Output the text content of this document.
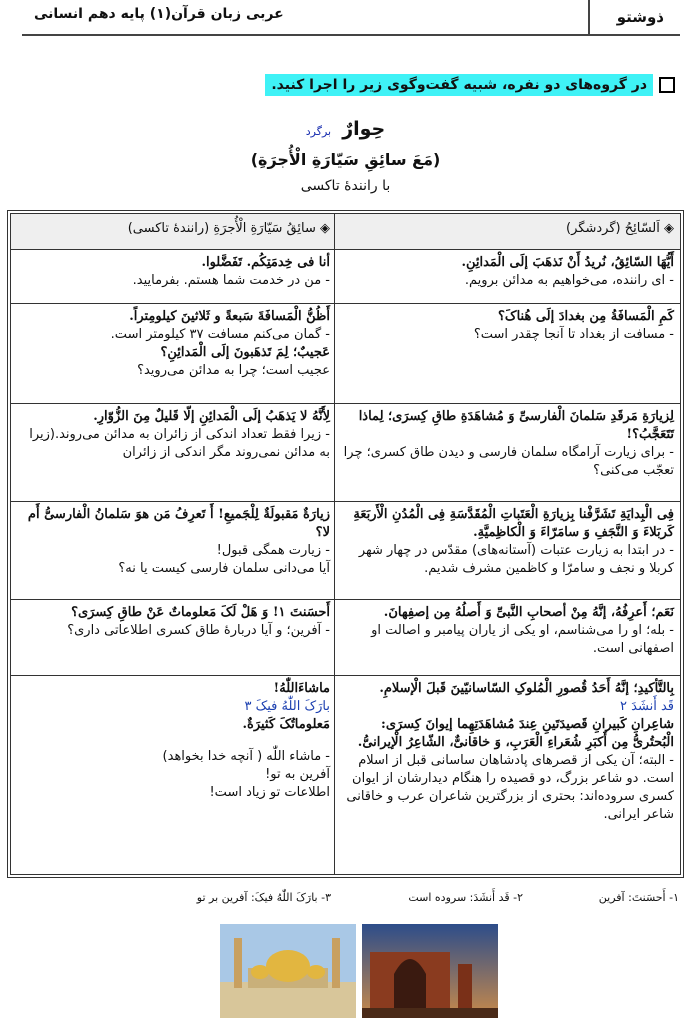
ذوشتو
عربی زبان قرآن(۱) پایه دهم انسانی
در گروه‌های دو نفره، شبیه گفت‌وگوی زیر را اجرا کنید.
حِوارٌ برگرد
(مَعَ سائِقِ سَیّارَةِ الْأُجرَةِ)
با رانندهٔ تاکسی
◈ اَلسّائِحُ (گردشگر)
◈ سائِقُ سَیّارَةِ الْأُجرَةِ (رانندهٔ تاکسی)
أَیُّهَا السّائِقُ، نُریدُ أَنْ نَذهَبَ إلَی الْمَدائِنِ.
- ای راننده، می‌خواهیم به مدائن برویم.
أنا فی خِدمَتِکُم. تَفَضَّلوا.
- من در خدمت شما هستم. بفرمایید.
کَمِ الْمَسافَةُ مِن بغدادَ إلَی هُناکَ؟
- مسافت از بغداد تا آنجا چقدر است؟
أَظُنُّ الْمَسافَةَ سَبعةً و ثَلاثینَ کیلومِتراً.
- گمان می‌کنم مسافت ۳۷ کیلومتر است.
عَجیبٌ؛ لِمَ تَذهَبونَ إلَی الْمَدائِنِ؟
عجیب است؛ چرا به مدائن می‌روید؟
لِزیارَةِ مَرقَدِ سَلمانَ الْفارسیِّ وَ مُشاهَدَةِ طاقِ کِسرَی؛ لِماذا تَتَعَجَّبُ؟!
- برای زیارت آرامگاه سلمان فارسی و دیدن طاق کسری؛ چرا تعجّب می‌کنی؟
لِأَنَّهُ لا یَذهَبُ إلَی الْمَدائِنِ إلّا قَلیلٌ مِنَ الزُّوّارِ.
- زیرا فقط تعداد اندکی از زائران به مدائن می‌روند.(زیرا به مدائن نمی‌روند مگر اندکی از زائران
فِی الْبِدایَةِ تَشَرَّفْنا بِزیارَةِ الْعَتَباتِ الْمُقَدَّسَةِ فِی الْمُدُنِ الْأَربَعَةِ کَربَلاءَ وَ النَّجَفِ وَ سامَرّاءَ وَ الْکاظِمیَّةِ.
- در ابتدا به زیارت عتبات (آستانه‌های) مقدّس در چهار شهر کربلا و نجف و سامرّا و کاظمین مشرف شدیم.
زیارَةٌ مَقبولَةٌ لِلْجَمیعِ! أَ تَعرِفُ مَن هوَ سَلمانُ الْفارسیُّ أَم لا؟
- زیارت همگی قبول!
آیا می‌دانی سلمان فارسی کیست یا نه؟
نَعَم؛ أَعرِفُهُ، إنَّهُ مِنْ أصحابِ النَّبیِّ وَ أَصلُهُ مِن إصفِهانَ.
- بله؛ او را می‌شناسم، او یکی از یاران پیامبر و اصالت او اصفهانی است.
أَحسَنتَ ١! وَ هَلْ لَکَ مَعلوماتٌ عَنْ طاقِ کِسرَی؟
- آفرین؛ و آیا دربارهٔ طاق کسری اطلاعاتی داری؟
بِالتَّأکیدِ؛ إنَّهُ أَحَدُ قُصورِ الْمُلوکِ السّاسانیّینَ قَبلَ الْإسلامِ.
قَد أَنشَدَ ٢
شاعِرانِ کَبیرانِ قَصیدَتَینِ عِندَ مُشاهَدَتِهِما إیوانَ کِسرَی: الْبُحتُریُّ مِن أَکبَرِ شُعَراءِ الْعَرَبِ، وَ خاقانیٌّ، الشّاعِرُ الْإیرانیُّ.
- البته؛ آن یکی از قصرهای پادشاهان ساسانی قبل از اسلام است. دو شاعر بزرگ، دو قصیده را هنگام دیدارشان از ایوان کسری سروده‌اند: بحتری از بزرگترین شاعران عرب و خاقانی شاعر ایرانی.
ماشاءَاللّٰهُ!
بارَکَ اللّٰهُ فیکَ ٣
مَعلوماتُکَ کَثیرَةٌ.
- ماشاء اللّٰه ( آنچه خدا بخواهد)
آفرین به تو!
اطلاعات تو زیاد است!
١- أَحسَنتَ: آفرین
٢- قَد أَنشَدَ: سروده است
٣- بارَکَ اللّٰهُ فیکَ: آفرین بر تو
